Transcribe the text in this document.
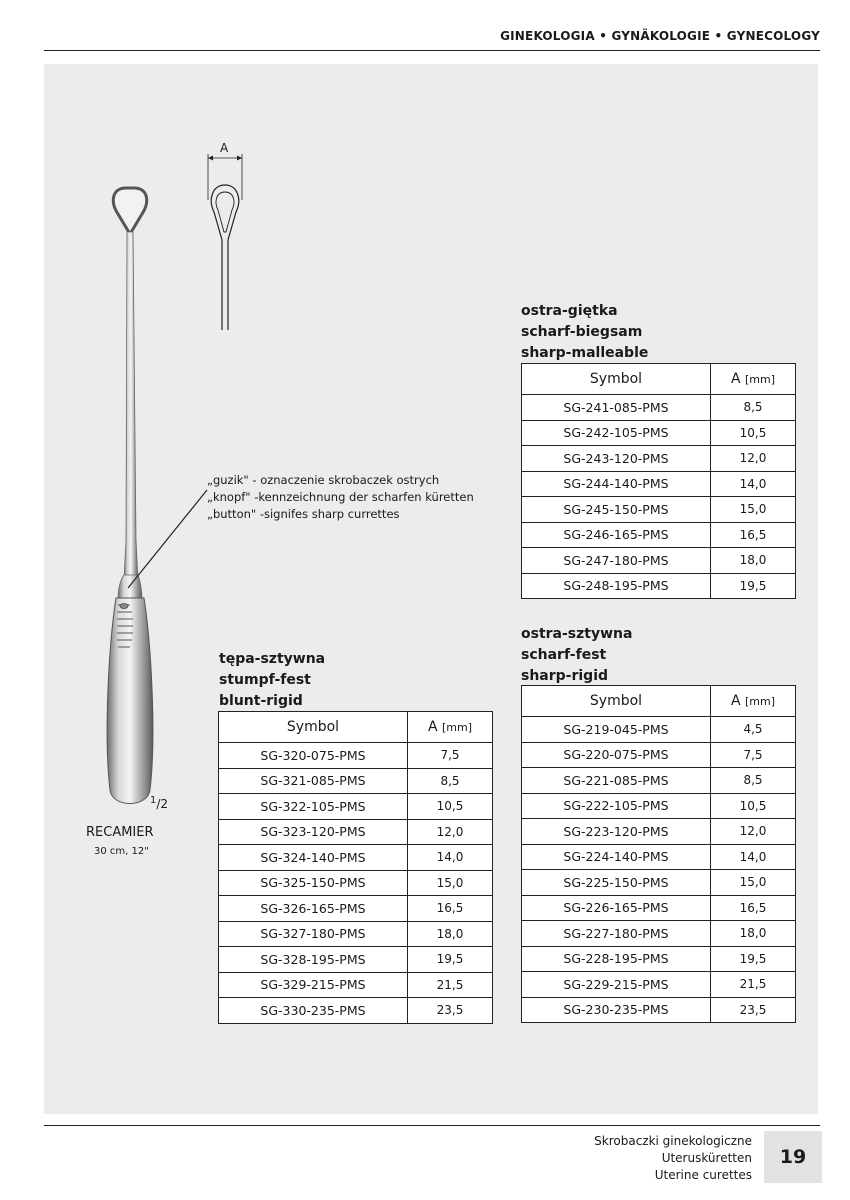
GINEKOLOGIA • GYNÄKOLOGIE • GYNECOLOGY
A
„guzik" - oznaczenie skrobaczek ostrych
„knopf" -kennzeichnung der scharfen küretten
„button" -signifes sharp currettes
$^1$/2
RECAMIER
30 cm, 12"
ostra-giętka
scharf-biegsam
sharp-malleable
Symbol	A [mm]
SG-241-085-PMS	8,5
SG-242-105-PMS	10,5
SG-243-120-PMS	12,0
SG-244-140-PMS	14,0
SG-245-150-PMS	15,0
SG-246-165-PMS	16,5
SG-247-180-PMS	18,0
SG-248-195-PMS	19,5
ostra-sztywna
scharf-fest
sharp-rigid
Symbol	A [mm]
SG-219-045-PMS	4,5
SG-220-075-PMS	7,5
SG-221-085-PMS	8,5
SG-222-105-PMS	10,5
SG-223-120-PMS	12,0
SG-224-140-PMS	14,0
SG-225-150-PMS	15,0
SG-226-165-PMS	16,5
SG-227-180-PMS	18,0
SG-228-195-PMS	19,5
SG-229-215-PMS	21,5
SG-230-235-PMS	23,5
tępa-sztywna
stumpf-fest
blunt-rigid
Symbol	A [mm]
SG-320-075-PMS	7,5
SG-321-085-PMS	8,5
SG-322-105-PMS	10,5
SG-323-120-PMS	12,0
SG-324-140-PMS	14,0
SG-325-150-PMS	15,0
SG-326-165-PMS	16,5
SG-327-180-PMS	18,0
SG-328-195-PMS	19,5
SG-329-215-PMS	21,5
SG-330-235-PMS	23,5
Skrobaczki ginekologiczne
Uterusküretten
Uterine curettes
19
